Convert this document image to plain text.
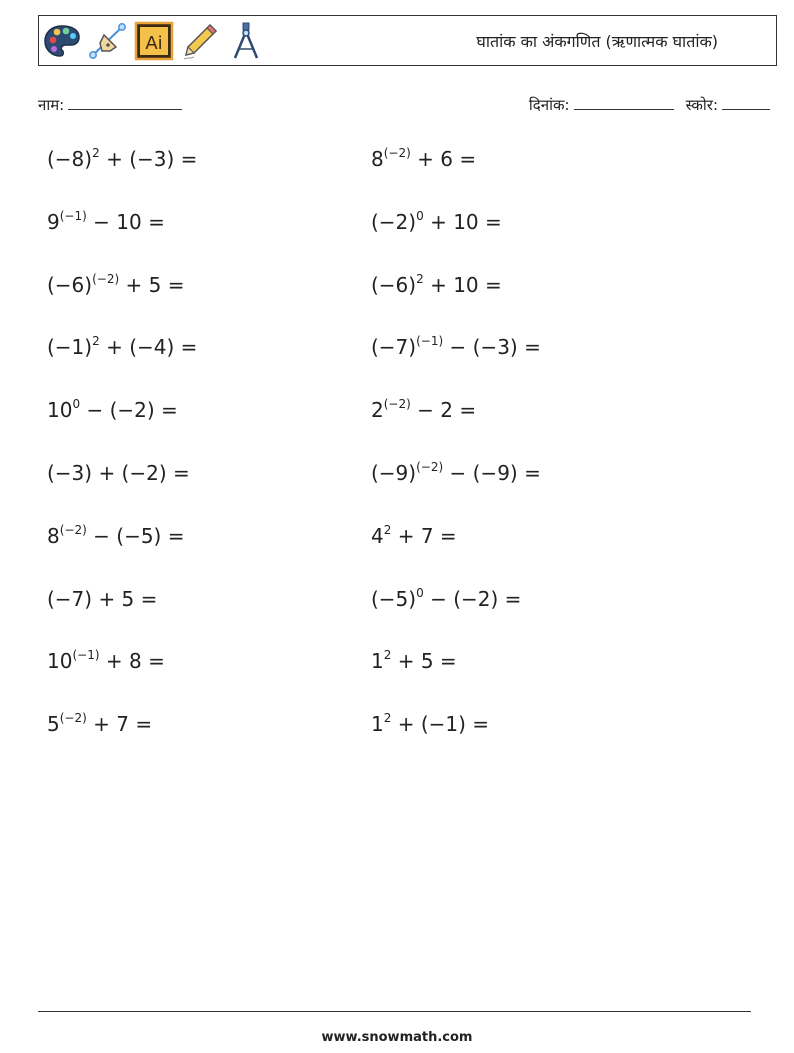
Ai	घातांक का अंकगणित (ऋणात्मक घातांक)
नाम:	दिनांक:	स्कोर:
$(-8)^2 + (-3)$ =	$8^{(-2)} + 6$ =
$9^{(-1)} - 10$ =	$(-2)^0 + 10$ =
$(-6)^{(-2)} + 5$ =	$(-6)^2 + 10$ =
$(-1)^2 + (-4)$ =	$(-7)^{(-1)} - (-3)$ =
$10^0 - (-2)$ =	$2^{(-2)} - 2$ =
(−3) + (−2) =	$(-9)^{(-2)} - (-9)$ =
$8^{(-2)} - (-5)$ =	$4^2 + 7$ =
(−7) + 5 =	$(-5)^0 - (-2)$ =
$10^{(-1)} + 8$ =	$1^2 + 5$ =
$5^{(-2)} + 7$ =	$1^2 + (-1)$ =
www.snowmath.com
